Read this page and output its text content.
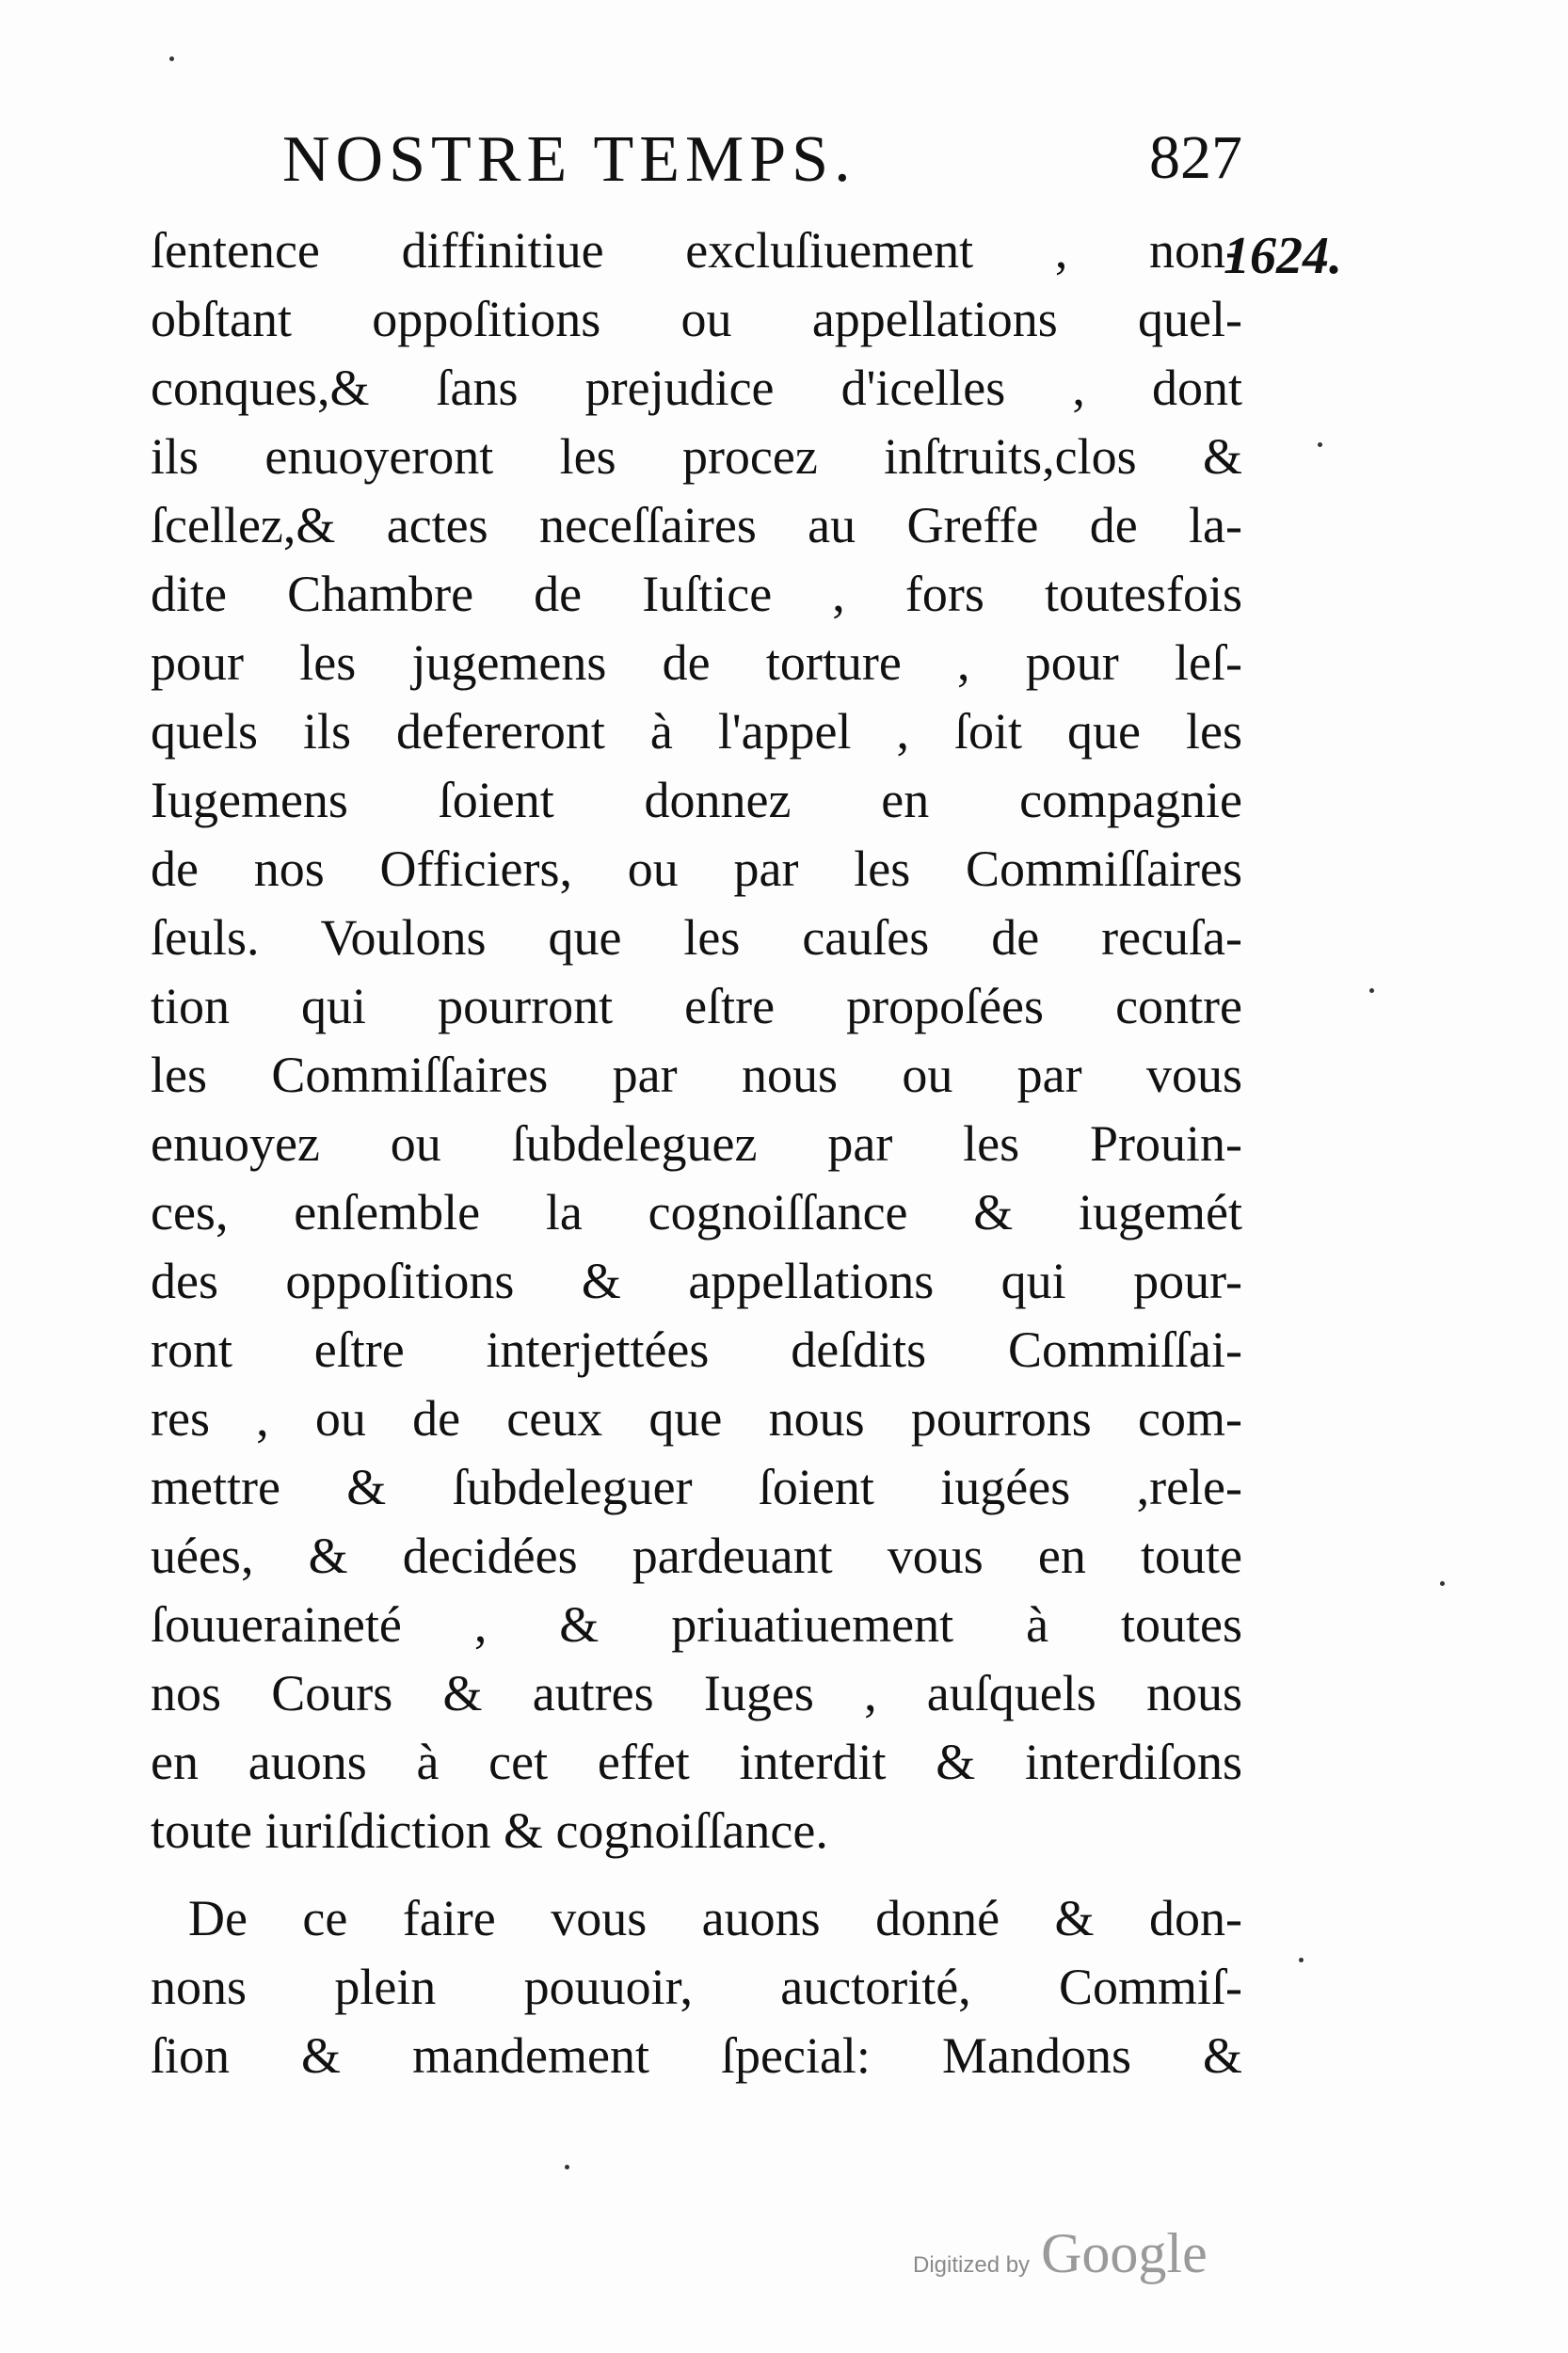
NOSTRE TEMPS.	827
1624.
ſentence diffinitiue excluſiuement , non-
obſtant oppoſitions ou appellations quel-
conques,& ſans prejudice d'icelles , dont
ils enuoyeront les procez inſtruits,clos &
ſcellez,& actes neceſſaires au Greffe de la-
dite Chambre de Iuſtice , fors toutesfois
pour les jugemens de torture , pour leſ-
quels ils defereront à l'appel , ſoit que les
Iugemens ſoient donnez en compagnie
de nos Officiers, ou par les Commiſſaires
ſeuls. Voulons que les cauſes de recuſa-
tion qui pourront eſtre propoſées contre
les Commiſſaires par nous ou par vous
enuoyez ou ſubdeleguez par les Prouin-
ces, enſemble la cognoiſſance & iugemét
des oppoſitions & appellations qui pour-
ront eſtre interjettées deſdits Commiſſai-
res , ou de ceux que nous pourrons com-
mettre & ſubdeleguer ſoient iugées ,rele-
uées, & decidées pardeuant vous en toute
ſouueraineté , & priuatiuement à toutes
nos Cours & autres Iuges , auſquels nous
en auons à cet effet interdit & interdiſons
toute iuriſdiction & cognoiſſance.
De ce faire vous auons donné & don-
nons plein pouuoir, auctorité, Commiſ-
ſion & mandement ſpecial: Mandons &
Digitized by Google
